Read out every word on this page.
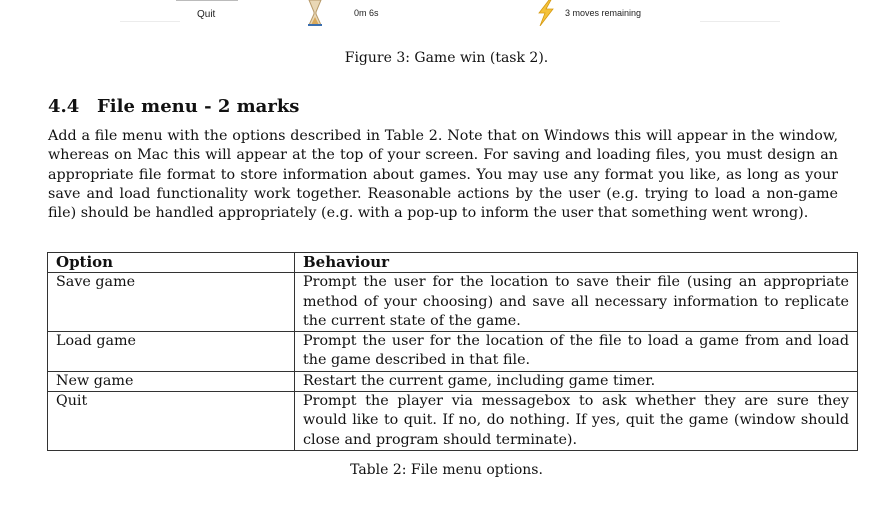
Quit	0m 6s	3 moves remaining
Figure 3: Game win (task 2).
4.4 File menu - 2 marks
Add a file menu with the options described in Table 2. Note that on Windows this will appear in the window, whereas on Mac this will appear at the top of your screen. For saving and loading files, you must design an appropriate file format to store information about games. You may use any format you like, as long as your save and load functionality work together. Reasonable actions by the user (e.g. trying to load a non-game file) should be handled appropriately (e.g. with a pop-up to inform the user that something went wrong).
Option	Behaviour
Save game	Prompt the user for the location to save their file (using an appropriate method of your choosing) and save all necessary information to replicate the current state of the game.
Load game	Prompt the user for the location of the file to load a game from and load the game described in that file.
New game	Restart the current game, including game timer.
Quit	Prompt the player via messagebox to ask whether they are sure they would like to quit. If no, do nothing. If yes, quit the game (window should close and program should terminate).
Table 2: File menu options.
